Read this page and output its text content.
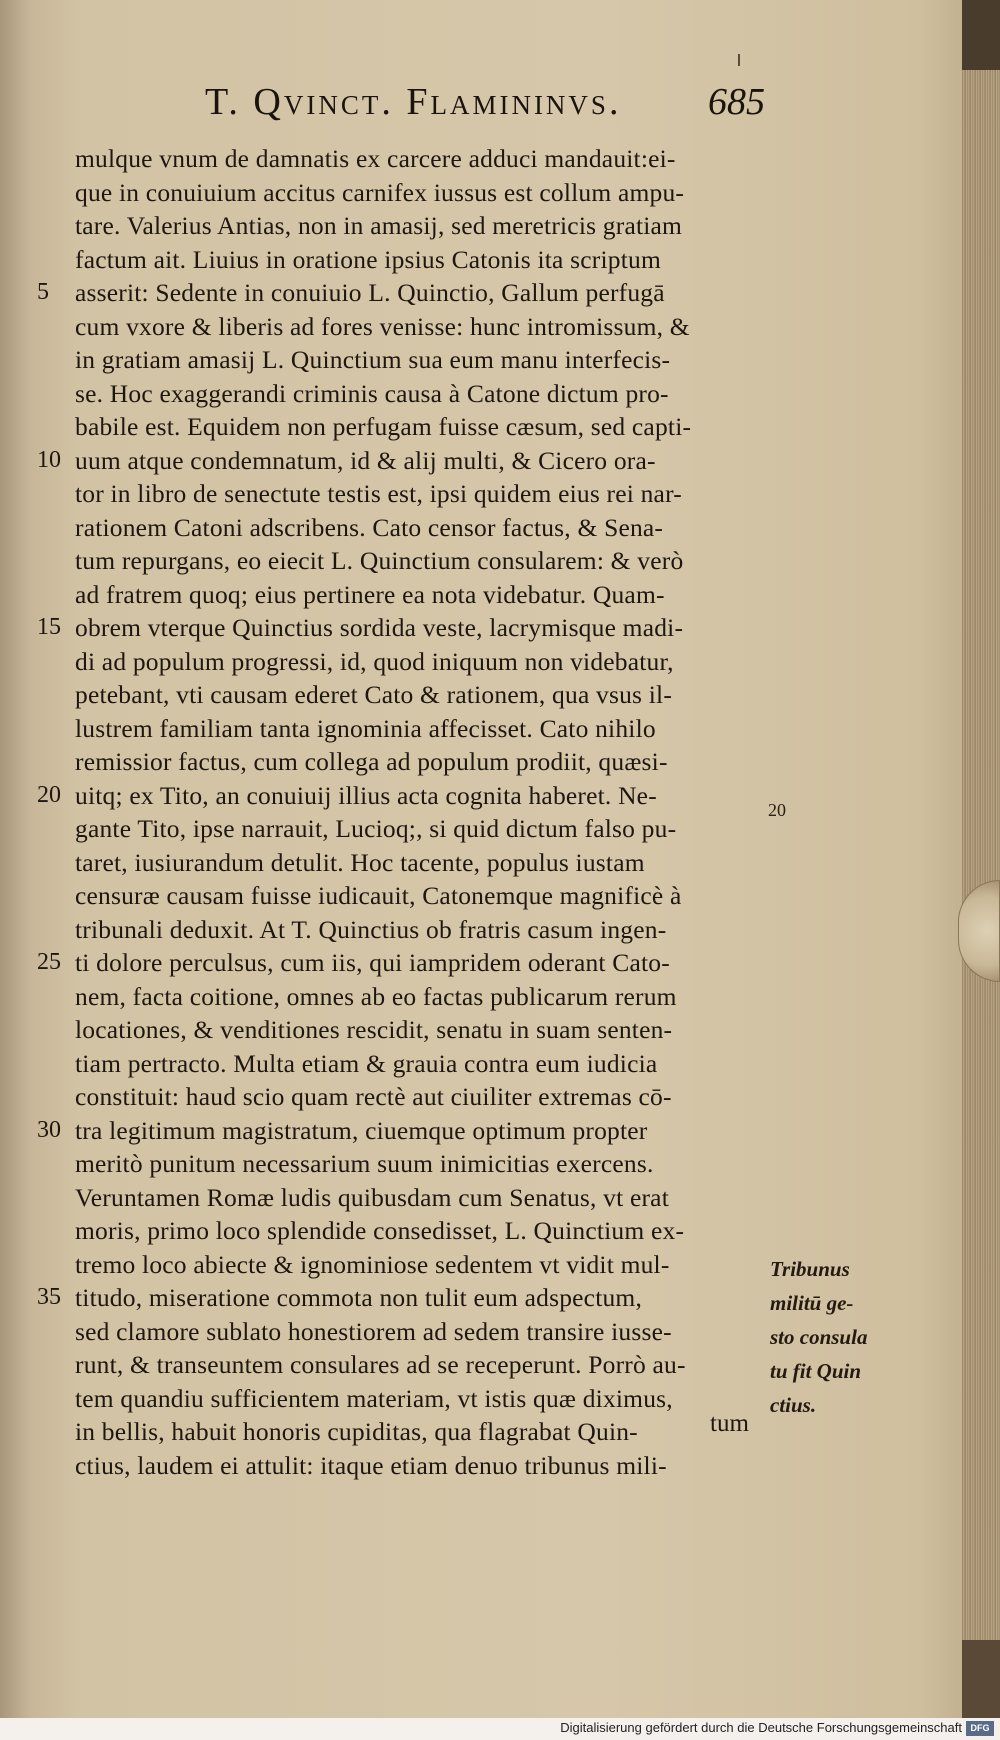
T. Qvinct. Flamininvs. 685
mulque vnum de damnatis ex carcere adduci mandauit:ei-
que in conuiuium accitus carnifex iussus est collum ampu-
tare. Valerius Antias, non in amasij, sed meretricis gratiam
factum ait. Liuius in oratione ipsius Catonis ita scriptum
5	asserit: Sedente in conuiuio L. Quinctio, Gallum perfugā
cum vxore & liberis ad fores venisse: hunc intromissum, &
in gratiam amasij L. Quinctium sua eum manu interfecis-
se. Hoc exaggerandi criminis causa à Catone dictum pro-
babile est. Equidem non perfugam fuisse cæsum, sed capti-
10 uum atque condemnatum, id & alij multi, & Cicero ora-
tor in libro de senectute testis est, ipsi quidem eius rei nar-
rationem Catoni adscribens. Cato censor factus, & Sena-
tum repurgans, eo eiecit L. Quinctium consularem: & verò
ad fratrem quoq; eius pertinere ea nota videbatur. Quam-
15 obrem vterque Quinctius sordida veste, lacrymisque madi-
di ad populum progressi, id, quod iniquum non videbatur,
petebant, vti causam ederet Cato & rationem, qua vsus il-
lustrem familiam tanta ignominia affecisset. Cato nihilo
remissior factus, cum collega ad populum prodiit, quæsi-
20 uitq; ex Tito, an conuiuij illius acta cognita haberet. Ne-
gante Tito, ipse narrauit, Lucioq;, si quid dictum falso pu-
taret, iusiurandum detulit. Hoc tacente, populus iustam
censuræ causam fuisse iudicauit, Catonemque magnificè à
tribunali deduxit. At T. Quinctius ob fratris casum ingen-
25 ti dolore perculsus, cum iis, qui iampridem oderant Cato-
nem, facta coitione, omnes ab eo factas publicarum rerum
locationes, & venditiones rescidit, senatu in suam senten-
tiam pertracto. Multa etiam & grauia contra eum iudicia
constituit: haud scio quam rectè aut ciuiliter extremas cō-
30 tra legitimum magistratum, ciuemque optimum propter
meritò punitum necessarium suum inimicitias exercens.
Veruntamen Romæ ludis quibusdam cum Senatus, vt erat
moris, primo loco splendide consedisset, L. Quinctium ex-
tremo loco abiecte & ignominiose sedentem vt vidit mul-
35 titudo, miseratione commota non tulit eum adspectum,
sed clamore sublato honestiorem ad sedem transire iusse-
runt, & transeuntem consulares ad se receperunt. Porrò au-
tem quandiu sufficientem materiam, vt istis quæ diximus,
in bellis, habuit honoris cupiditas, qua flagrabat Quin-
ctius, laudem ei attulit: itaque etiam denuo tribunus mili-
20
Tribunus
militū ge-
sto consula
tu fit Quin
ctius.
tum
Digitalisierung gefördert durch die Deutsche Forschungsgemeinschaft DFG
